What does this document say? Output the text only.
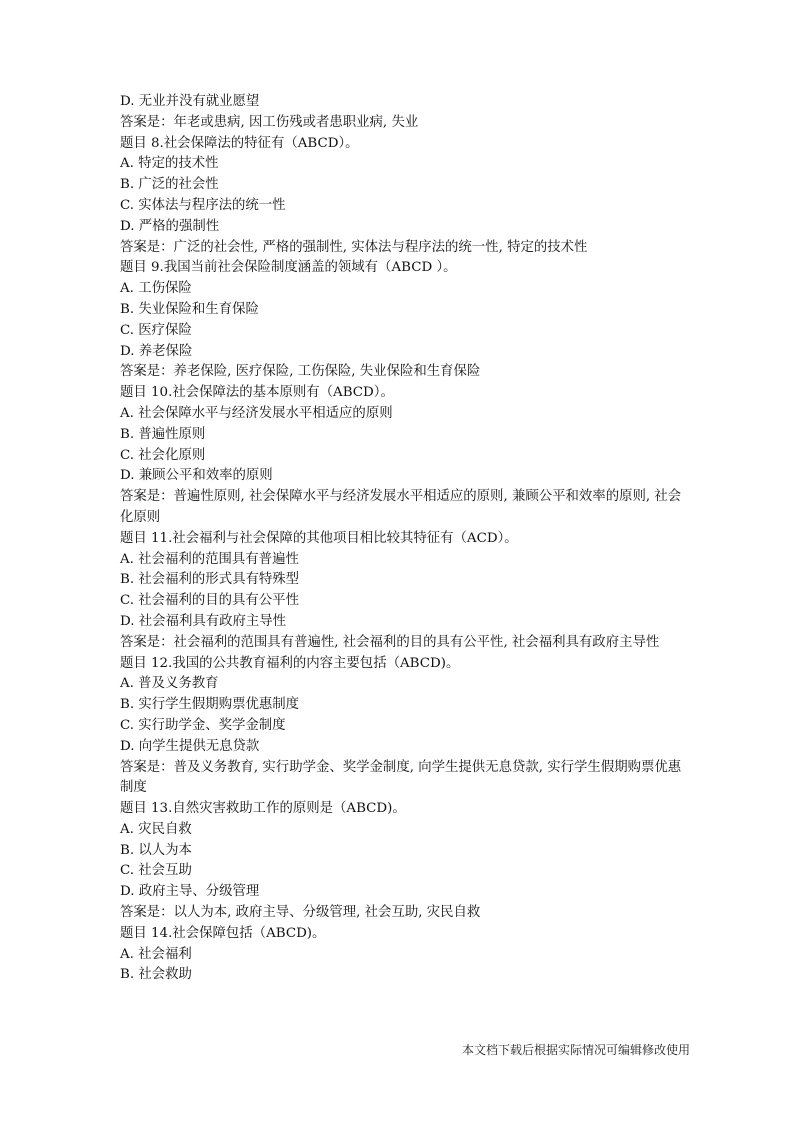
D. 无业并没有就业愿望

答案是：年老或患病, 因工伤残或者患职业病, 失业

题目 8.社会保障法的特征有（ABCD）。

A. 特定的技术性

B. 广泛的社会性

C. 实体法与程序法的统一性

D. 严格的强制性

答案是：广泛的社会性, 严格的强制性, 实体法与程序法的统一性, 特定的技术性

题目 9.我国当前社会保险制度涵盖的领域有（ABCD ）。

A. 工伤保险

B. 失业保险和生育保险

C. 医疗保险

D. 养老保险

答案是：养老保险, 医疗保险, 工伤保险, 失业保险和生育保险

题目 10.社会保障法的基本原则有（ABCD）。

A. 社会保障水平与经济发展水平相适应的原则

B. 普遍性原则

C. 社会化原则

D. 兼顾公平和效率的原则

答案是：普遍性原则, 社会保障水平与经济发展水平相适应的原则, 兼顾公平和效率的原则, 社会化原则

题目 11.社会福利与社会保障的其他项目相比较其特征有（ACD）。

A. 社会福利的范围具有普遍性

B. 社会福利的形式具有特殊型

C. 社会福利的目的具有公平性

D. 社会福利具有政府主导性

答案是：社会福利的范围具有普遍性, 社会福利的目的具有公平性, 社会福利具有政府主导性

题目 12.我国的公共教育福利的内容主要包括（ABCD)。

A. 普及义务教育

B. 实行学生假期购票优惠制度

C. 实行助学金、奖学金制度

D. 向学生提供无息贷款

答案是：普及义务教育, 实行助学金、奖学金制度, 向学生提供无息贷款, 实行学生假期购票优惠制度

题目 13.自然灾害救助工作的原则是（ABCD)。

A. 灾民自救

B. 以人为本

C. 社会互助

D. 政府主导、分级管理

答案是：以人为本, 政府主导、分级管理, 社会互助, 灾民自救

题目 14.社会保障包括（ABCD)。

A. 社会福利

B. 社会救助

本文档下载后根据实际情况可编辑修改使用
